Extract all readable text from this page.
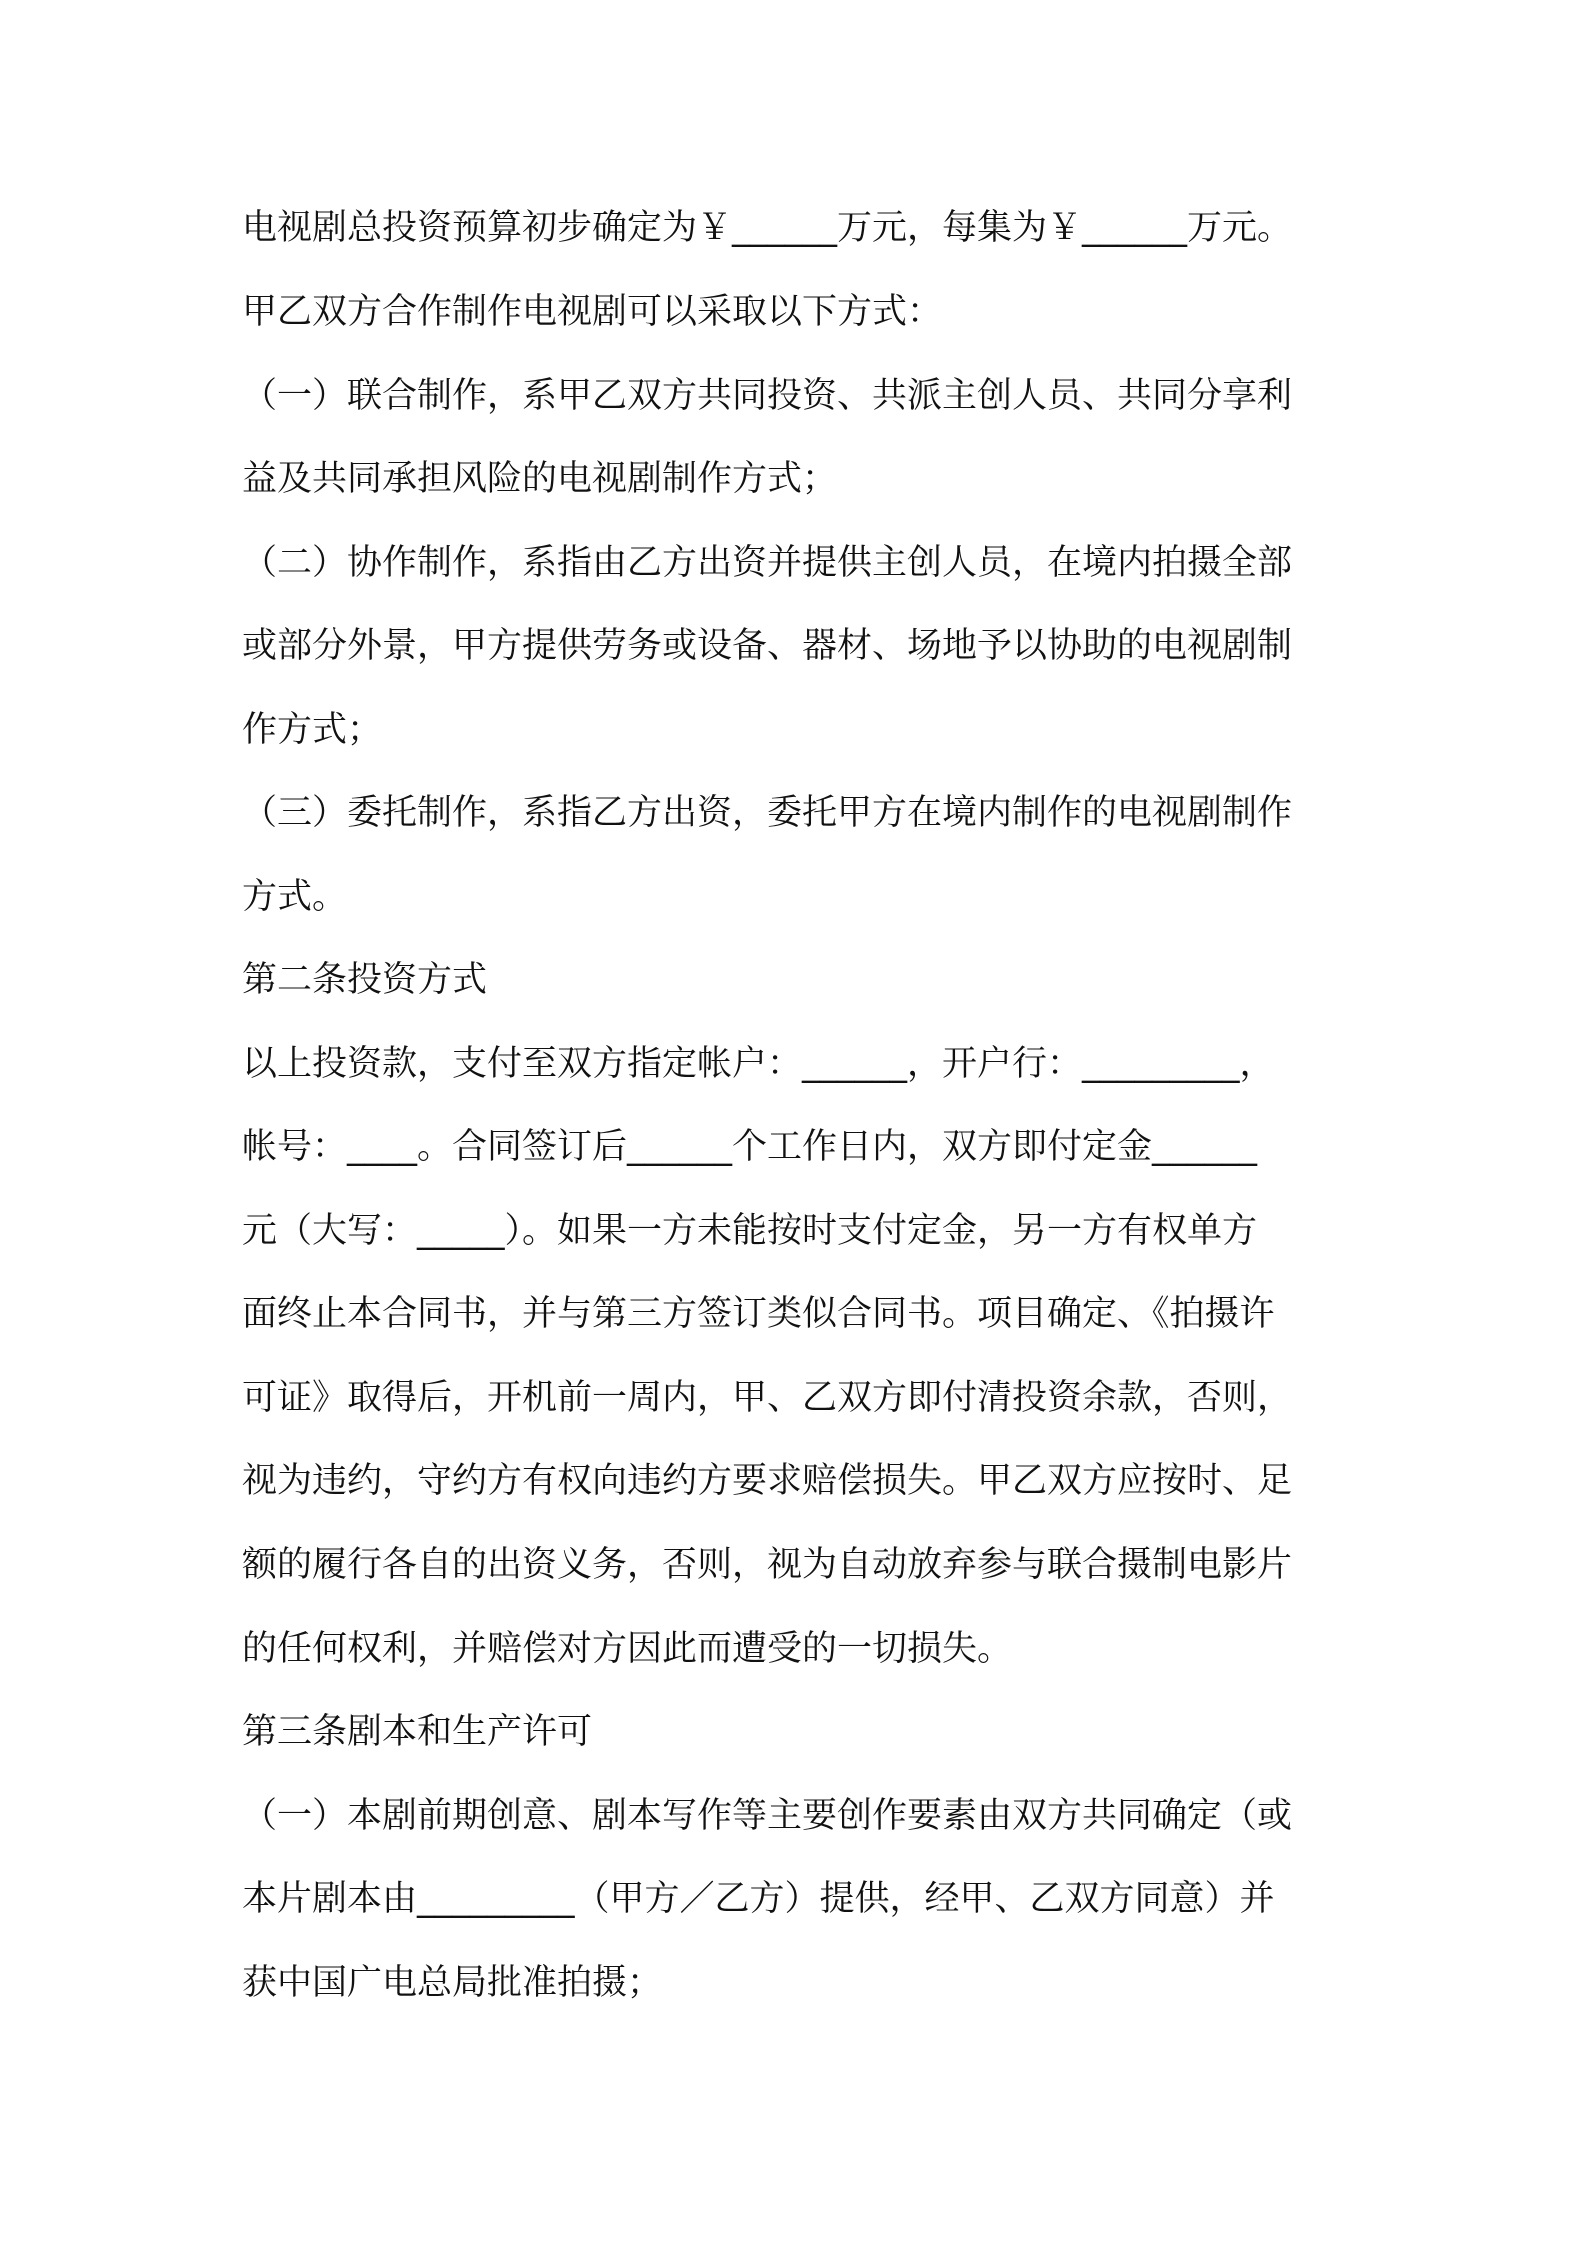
电视剧总投资预算初步确定为￥______万元，每集为￥______万元。
甲乙双方合作制作电视剧可以采取以下方式：
（一）联合制作，系甲乙双方共同投资、共派主创人员、共同分享利
益及共同承担风险的电视剧制作方式；
（二）协作制作，系指由乙方出资并提供主创人员，在境内拍摄全部
或部分外景，甲方提供劳务或设备、器材、场地予以协助的电视剧制
作方式；
（三）委托制作，系指乙方出资，委托甲方在境内制作的电视剧制作
方式。
第二条投资方式
以上投资款，支付至双方指定帐户：______，开户行：_________，
帐号：____。合同签订后______个工作日内，双方即付定金______
元（大写：_____）。如果一方未能按时支付定金，另一方有权单方
面终止本合同书，并与第三方签订类似合同书。项目确定、《拍摄许
可证》取得后，开机前一周内，甲、乙双方即付清投资余款，否则，
视为违约，守约方有权向违约方要求赔偿损失。甲乙双方应按时、足
额的履行各自的出资义务，否则，视为自动放弃参与联合摄制电影片
的任何权利，并赔偿对方因此而遭受的一切损失。
第三条剧本和生产许可
（一）本剧前期创意、剧本写作等主要创作要素由双方共同确定（或
本片剧本由_________（甲方／乙方）提供，经甲、乙双方同意）并
获中国广电总局批准拍摄；
